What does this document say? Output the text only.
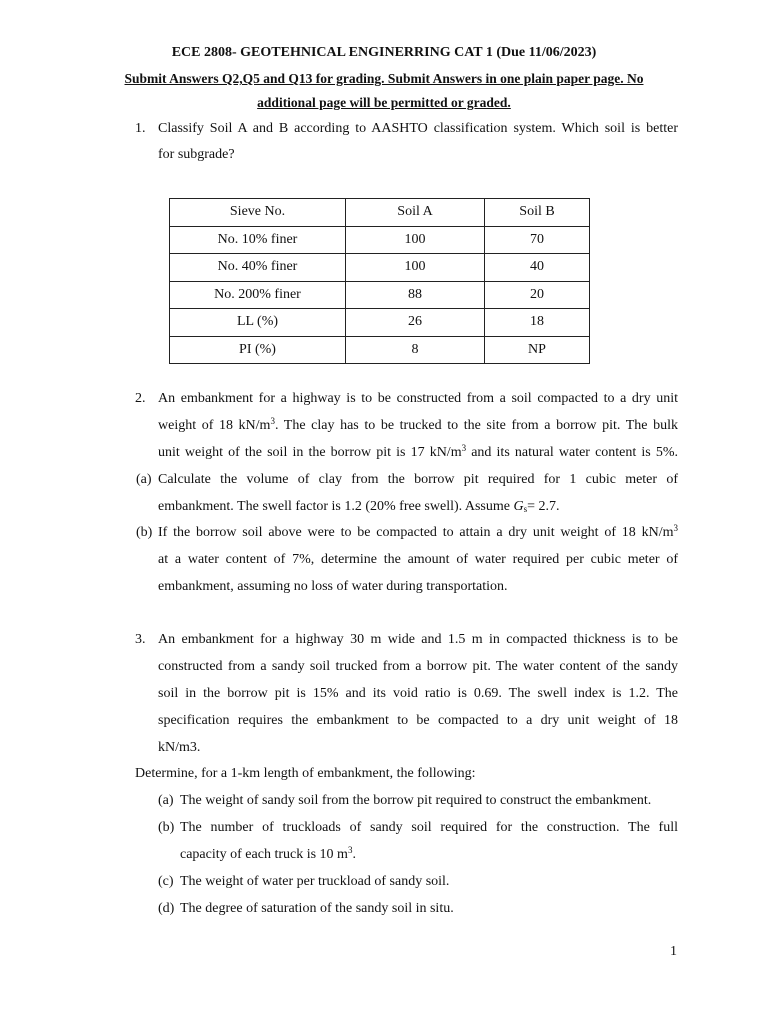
ECE 2808- GEOTEHNICAL ENGINERRING CAT 1 (Due 11/06/2023)
Submit Answers Q2,Q5 and Q13 for grading. Submit Answers in one plain paper page. No
additional page will be permitted or graded.
1. Classify Soil A and B according to AASHTO classification system. Which soil is better
for subgrade?
Sieve No.	Soil A	Soil B
No. 10% finer	100	70
No. 40% finer	100	40
No. 200% finer	88	20
LL (%)	26	18
PI (%)	8	NP
2. An embankment for a highway is to be constructed from a soil compacted to a dry unit
weight of 18 $kN/m^3$. The clay has to be trucked to the site from a borrow pit. The bulk
unit weight of the soil in the borrow pit is 17 $kN/m^3$ and its natural water content is 5%.
(a) Calculate the volume of clay from the borrow pit required for 1 cubic meter of
embankment. The swell factor is 1.2 (20% free swell). Assume $G_s= 2.7$.
(b) If the borrow soil above were to be compacted to attain a dry unit weight of 18 $kN/m^3$
at a water content of 7%, determine the amount of water required per cubic meter of
embankment, assuming no loss of water during transportation.
3. An embankment for a highway 30 m wide and 1.5 m in compacted thickness is to be
constructed from a sandy soil trucked from a borrow pit. The water content of the sandy
soil in the borrow pit is 15% and its void ratio is 0.69. The swell index is 1.2. The
specification requires the embankment to be compacted to a dry unit weight of 18
kN/m3.
Determine, for a 1-km length of embankment, the following:
(a) The weight of sandy soil from the borrow pit required to construct the embankment.
(b) The number of truckloads of sandy soil required for the construction. The full
capacity of each truck is 10 $m^3$.
(c) The weight of water per truckload of sandy soil.
(d) The degree of saturation of the sandy soil in situ.
1
